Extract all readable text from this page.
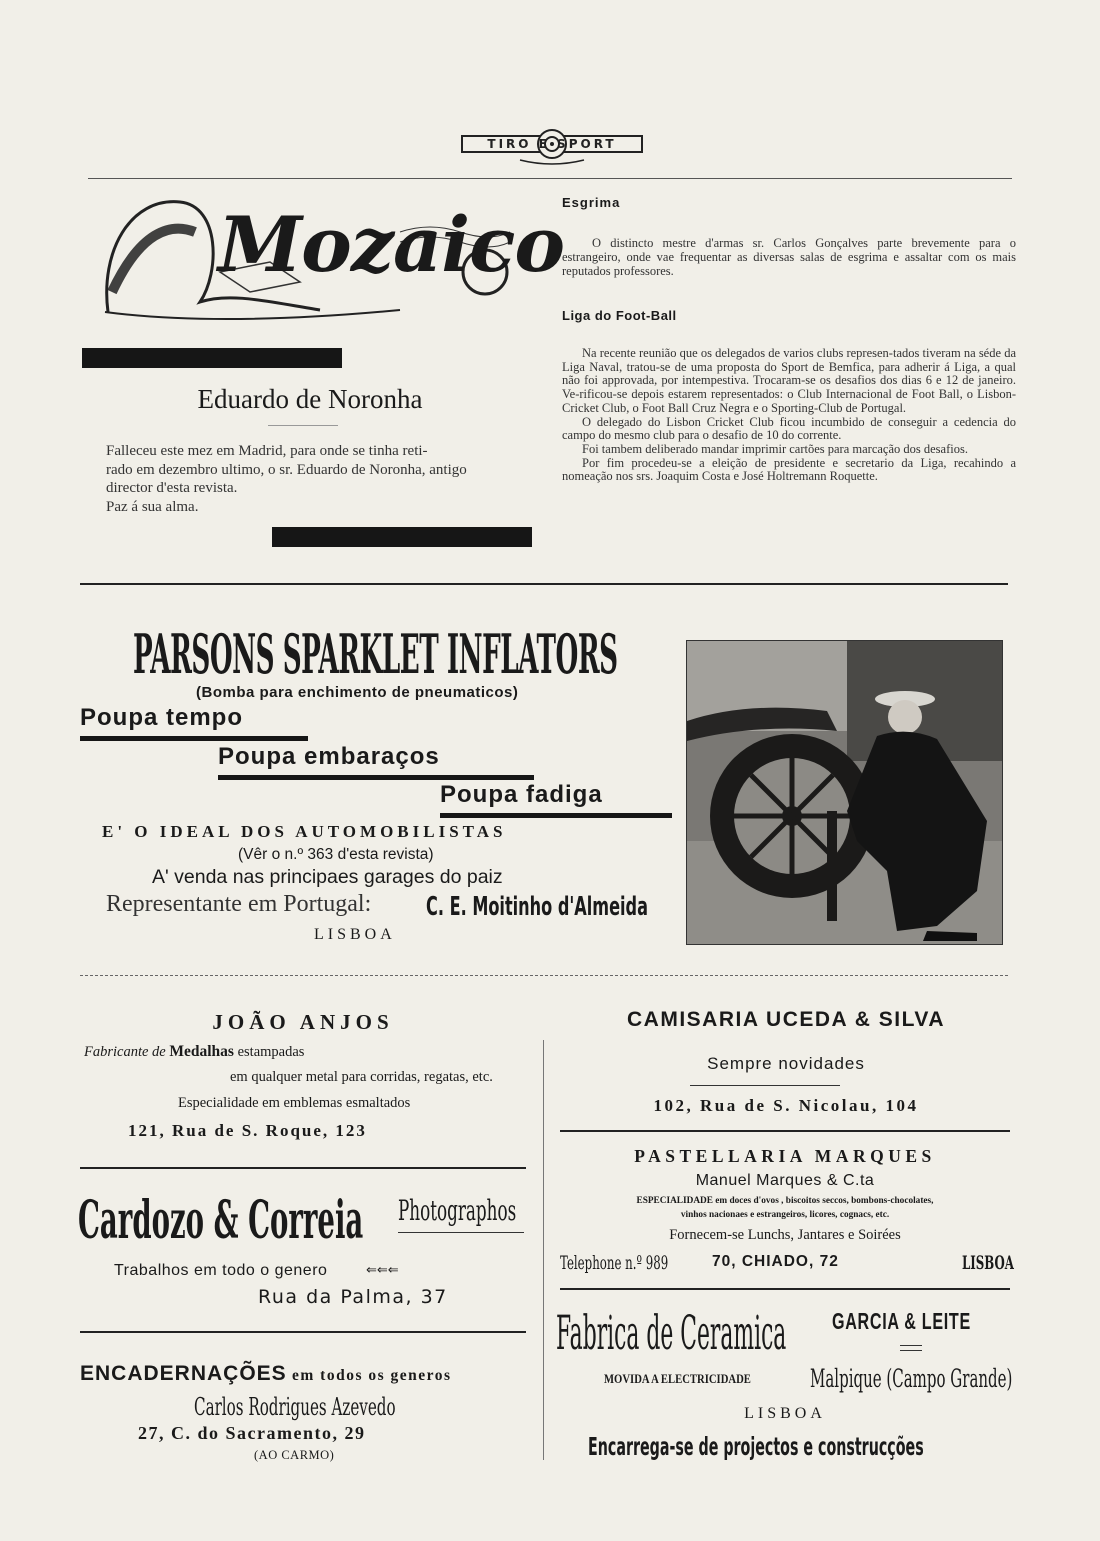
TIRO E SPORT
Mozaico
Eduardo de Noronha

Falleceu este mez em Madrid, para onde se tinha reti-

rado em dezembro ultimo, o sr. Eduardo de Noronha, antigo

director d'esta revista.

Paz á sua alma.

Esgrima
O distincto mestre d'armas sr. Carlos Gonçalves parte brevemente para o estrangeiro, onde vae frequentar as diversas salas de esgrima e assaltar com os mais reputados professores.
Liga do Foot-Ball

Na recente reunião que os delegados de varios clubs represen-tados tiveram na séde da Liga Naval, tratou-se de uma proposta do Sport de Bemfica, para adherir á Liga, a qual não foi approvada, por intempestiva. Trocaram-se os desafios dos dias 6 e 12 de janeiro. Ve-rificou-se depois estarem representados: o Club Internacional de Foot Ball, o Lisbon-Cricket Club, o Foot Ball Cruz Negra e o Sporting-Club de Portugal.

O delegado do Lisbon Cricket Club ficou incumbido de conseguir a cedencia do campo do mesmo club para o desafio de 10 do corrente.

Foi tambem deliberado mandar imprimir cartões para marcação dos desafios.

Por fim procedeu-se a eleição de presidente e secretario da Liga, recahindo a nomeação nos srs. Joaquim Costa e José Holtremann Roquette.

PARSONS SPARKLET INFLATORS
(Bomba para enchimento de pneumaticos)
Poupa tempo
Poupa embaraços
Poupa fadiga
E' O IDEAL DOS AUTOMOBILISTAS
(Vêr o n.º 363 d'esta revista)
A' venda nas principaes garages do paiz
Representante em Portugal: C. E. Moitinho d'Almeida
LISBOA
JOÃO ANJOS
Fabricante de Medalhas estampadas
em qualquer metal para corridas, regatas, etc.
Especialidade em emblemas esmaltados
121, Rua de S. Roque, 123
Cardozo & Correia Photographos
Trabalhos em todo o genero	⇐⇐⇐
Rua da Palma, 37
ENCADERNAÇÕES em todos os generos
Carlos Rodrigues Azevedo
27, C. do Sacramento, 29
(AO CARMO)
CAMISARIA UCEDA & SILVA
Sempre novidades
102, Rua de S. Nicolau, 104
PASTELLARIA MARQUES
Manuel Marques & C.ta
ESPECIALIDADE em doces d'ovos , biscoitos seccos, bombons-chocolates,
vinhos nacionaes e estrangeiros, licores, cognacs, etc.
Fornecem-se Lunchs, Jantares e Soirées
Telephone n.º 989	70, CHIADO, 72	LISBOA
Fabrica de Ceramica GARCIA & LEITE
MOVIDA A ELECTRICIDADE Malpique (Campo Grande)
LISBOA
Encarrega-se de projectos e construcções
